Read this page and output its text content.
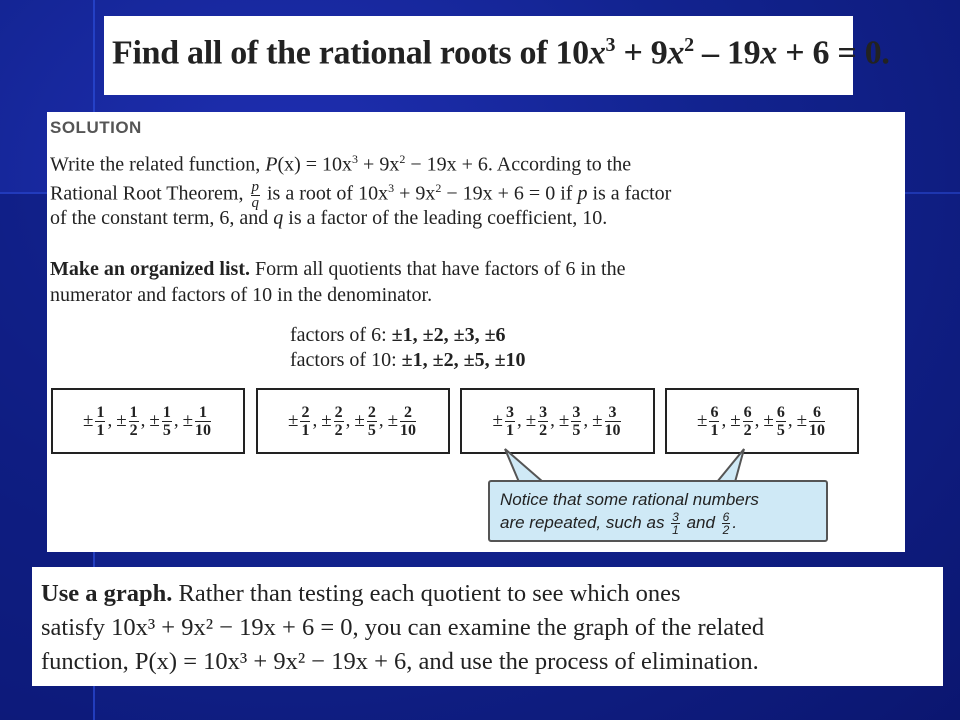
Find all of the rational roots of $10x^3 + 9x^2 - 19x + 6 = 0$.
SOLUTION
Write the related function, $P(x) = 10x^3 + 9x^2 - 19x + 6$. According to the
Rational Root Theorem, $\frac{p}{q}$ is a root of $10x^3 + 9x^2 - 19x + 6 = 0$ if p is a factor
of the constant term, 6, and q is a factor of the leading coefficient, 10.
Make an organized list. Form all quotients that have factors of 6 in the
numerator and factors of 10 in the denominator.
factors of 6: ±1, ±2, ±3, ±6
factors of 10: ±1, ±2, ±5, ±10
± $\frac{1}{1}$ , ± $\frac{1}{2}$ , ± $\frac{1}{5}$ , ± $\frac{1}{10}$	± $\frac{2}{1}$ , ± $\frac{2}{2}$ , ± $\frac{2}{5}$ , ± $\frac{2}{10}$	± $\frac{3}{1}$ , ± $\frac{3}{2}$ , ± $\frac{3}{5}$ , ± $\frac{3}{10}$	± $\frac{6}{1}$ , ± $\frac{6}{2}$ , ± $\frac{6}{5}$ , ± $\frac{6}{10}$
Notice that some rational numbers
are repeated, such as $\frac{3}{1}$ and $\frac{6}{2}$ .
Use a graph. Rather than testing each quotient to see which ones
satisfy 10x³ + 9x² − 19x + 6 = 0, you can examine the graph of the related
function, P(x) = 10x³ + 9x² − 19x + 6, and use the process of elimination.
